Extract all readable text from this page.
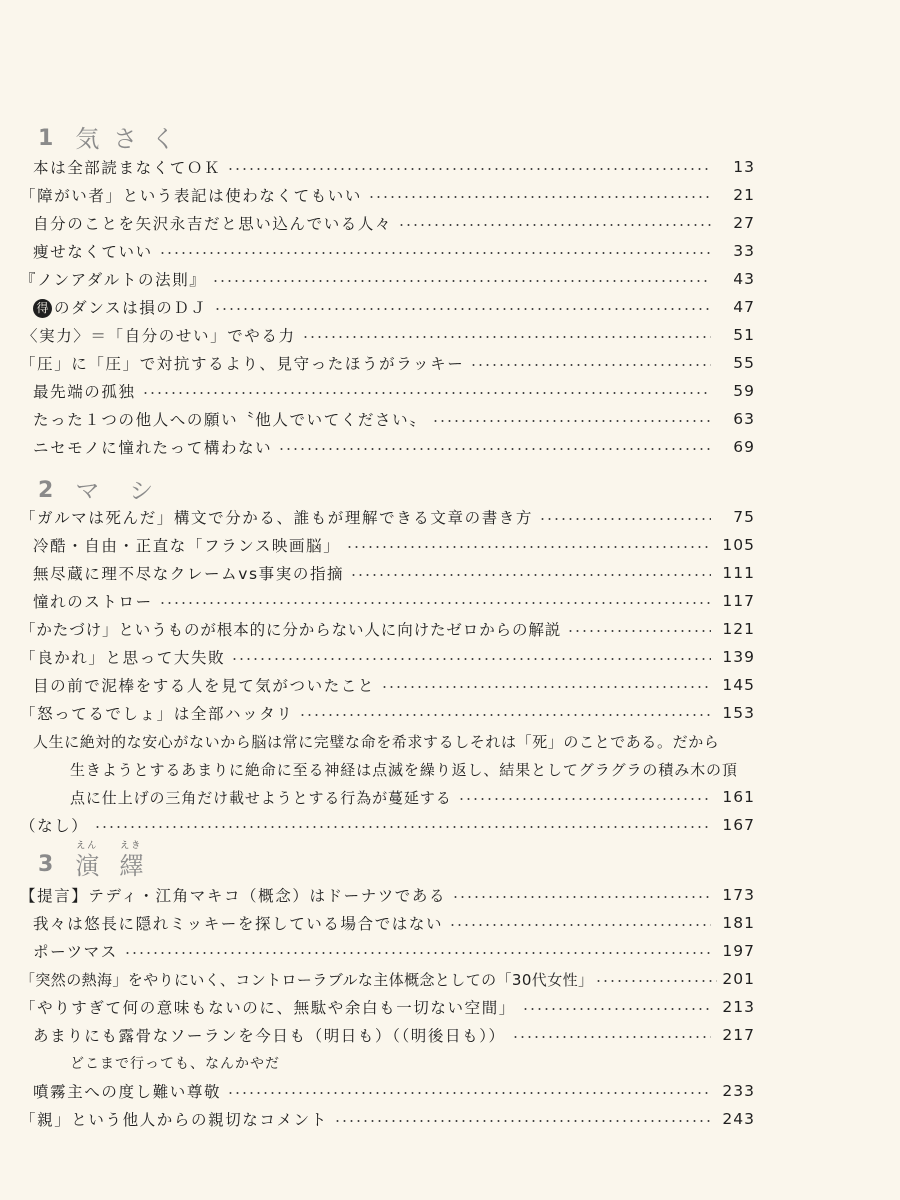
1 気さく
本は全部読まなくてＯＫ	13
「障がい者」という表記は使わなくてもいい	21
自分のことを矢沢永吉だと思い込んでいる人々	27
痩せなくていい	33
『ノンアダルトの法則』	43
得 のダンスは損のＤＪ	47
〈実力〉＝「自分のせい」でやる力	51
「圧」に「圧」で対抗するより、見守ったほうがラッキー	55
最先端の孤独	59
たった１つの他人への願い〝他人でいてください〟	63
ニセモノに憧れたって構わない	69
2 マシ
「ガルマは死んだ」構文で分かる、誰もが理解できる文章の書き方	75
冷酷・自由・正直な「フランス映画脳」	105
無尽蔵に理不尽なクレームvs事実の指摘	111
憧れのストロー	117
「かたづけ」というものが根本的に分からない人に向けたゼロからの解説	121
「良かれ」と思って大失敗	139
目の前で泥棒をする人を見て気がついたこと	145
「怒ってるでしょ」は全部ハッタリ	153
人生に絶対的な安心がないから脳は常に完璧な命を希求するしそれは「死」のことである。だから
生きようとするあまりに絶命に至る神経は点滅を繰り返し、結果としてグラグラの積み木の頂
点に仕上げの三角だけ載せようとする行為が蔓延する	161
（なし）	167
3
えん
演
えき
繹
【提言】テディ・江角マキコ（概念）はドーナツである	173
我々は悠長に隠れミッキーを探している場合ではない	181
ポーツマス	197
「突然の熱海」をやりにいく、コントローラブルな主体概念としての「30代女性」	201
「やりすぎて何の意味もないのに、無駄や余白も一切ない空間」	213
あまりにも露骨なソーランを今日も（明日も）（（明後日も））	217
どこまで行っても、なんかやだ
噴霧主への度し難い尊敬	233
「親」という他人からの親切なコメント	243
